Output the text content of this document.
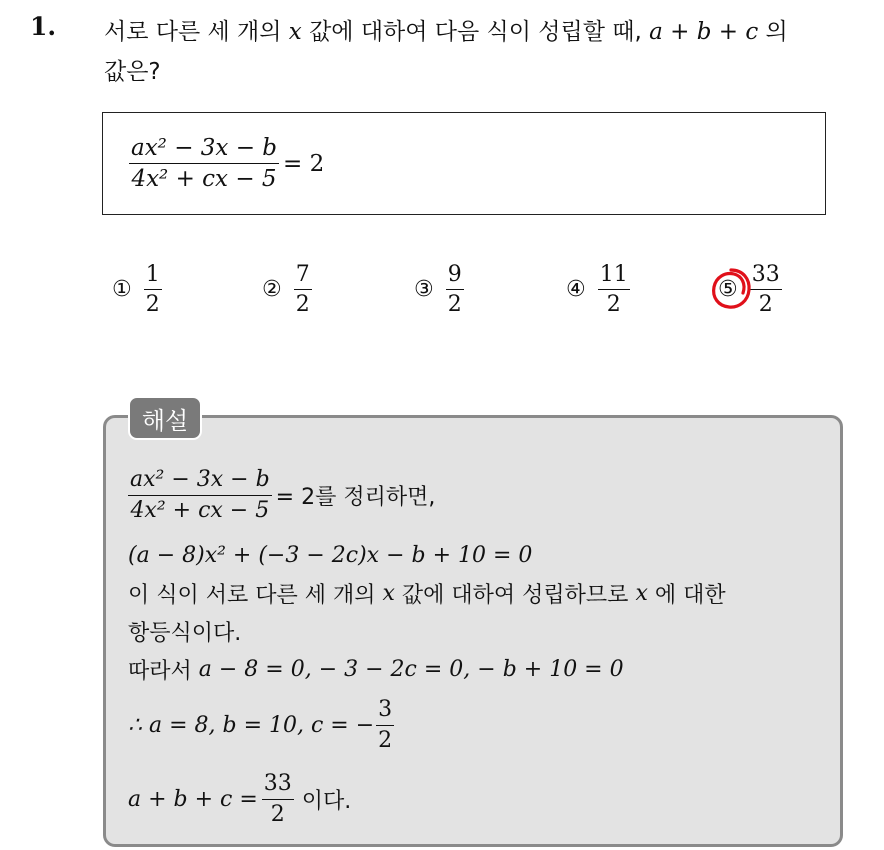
1. 서로 다른 세 개의 x 값에 대하여 다음 식이 성립할 때, a + b + c 의
값은?
$\frac{\text{ax² − 3x − b}}{\text{4x² + cx − 5}} = 2$
① $\frac{1}{2}$	② $\frac{7}{2}$	③ $\frac{9}{2}$	④ $\frac{11}{2}$	⑤ $\frac{33}{2}$
해설
$\frac{\text{ax² − 3x − b}}{\text{4x² + cx − 5}} = 2$를 정리하면,
(a − 8)x² + (−3 − 2c)x − b + 10 = 0
이 식이 서로 다른 세 개의
x
값에 대하여 성립하므로
x
에 대한
항등식이다.
따라서
a − 8 = 0, − 3 − 2c = 0, − b + 10 = 0
∴ a = 8, b = 10, c = − $\frac{3}{2}$
$a + b + c = \frac{33}{2}$ 이다.
